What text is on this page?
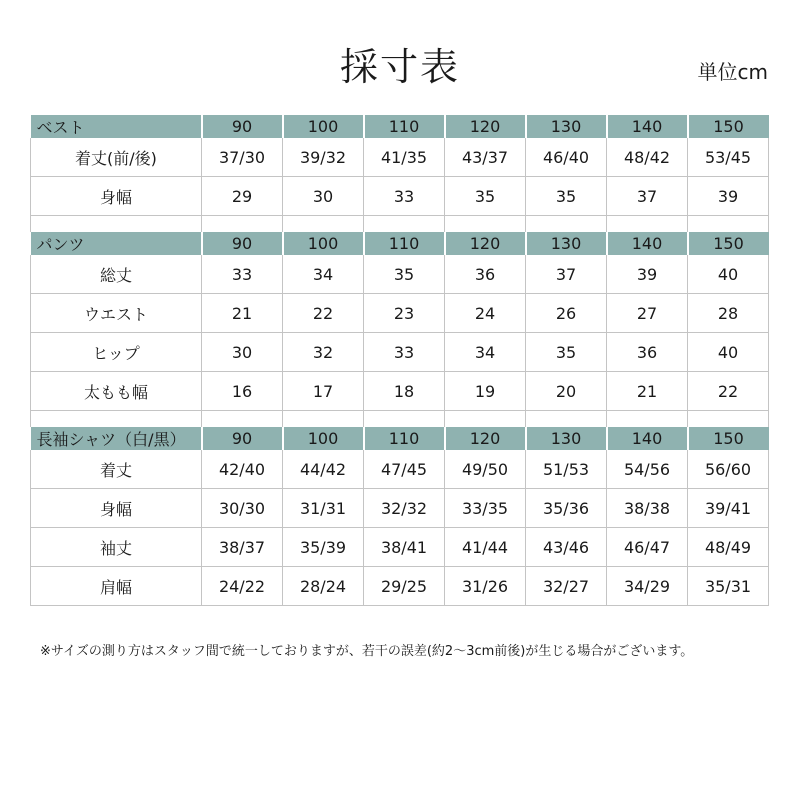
採寸表	単位cm
ベスト	90	100	110	120	130	140	150
着丈(前/後)	37/30	39/32	41/35	43/37	46/40	48/42	53/45
身幅	29	30	33	35	35	37	39

パンツ	90	100	110	120	130	140	150
総丈	33	34	35	36	37	39	40
ウエスト	21	22	23	24	26	27	28
ヒップ	30	32	33	34	35	36	40
太もも幅	16	17	18	19	20	21	22

長袖シャツ（白/黒）	90	100	110	120	130	140	150
着丈	42/40	44/42	47/45	49/50	51/53	54/56	56/60
身幅	30/30	31/31	32/32	33/35	35/36	38/38	39/41
袖丈	38/37	35/39	38/41	41/44	43/46	46/47	48/49
肩幅	24/22	28/24	29/25	31/26	32/27	34/29	35/31
※サイズの測り方はスタッフ間で統一しておりますが、若干の誤差(約2～3cm前後)が生じる場合がございます。
